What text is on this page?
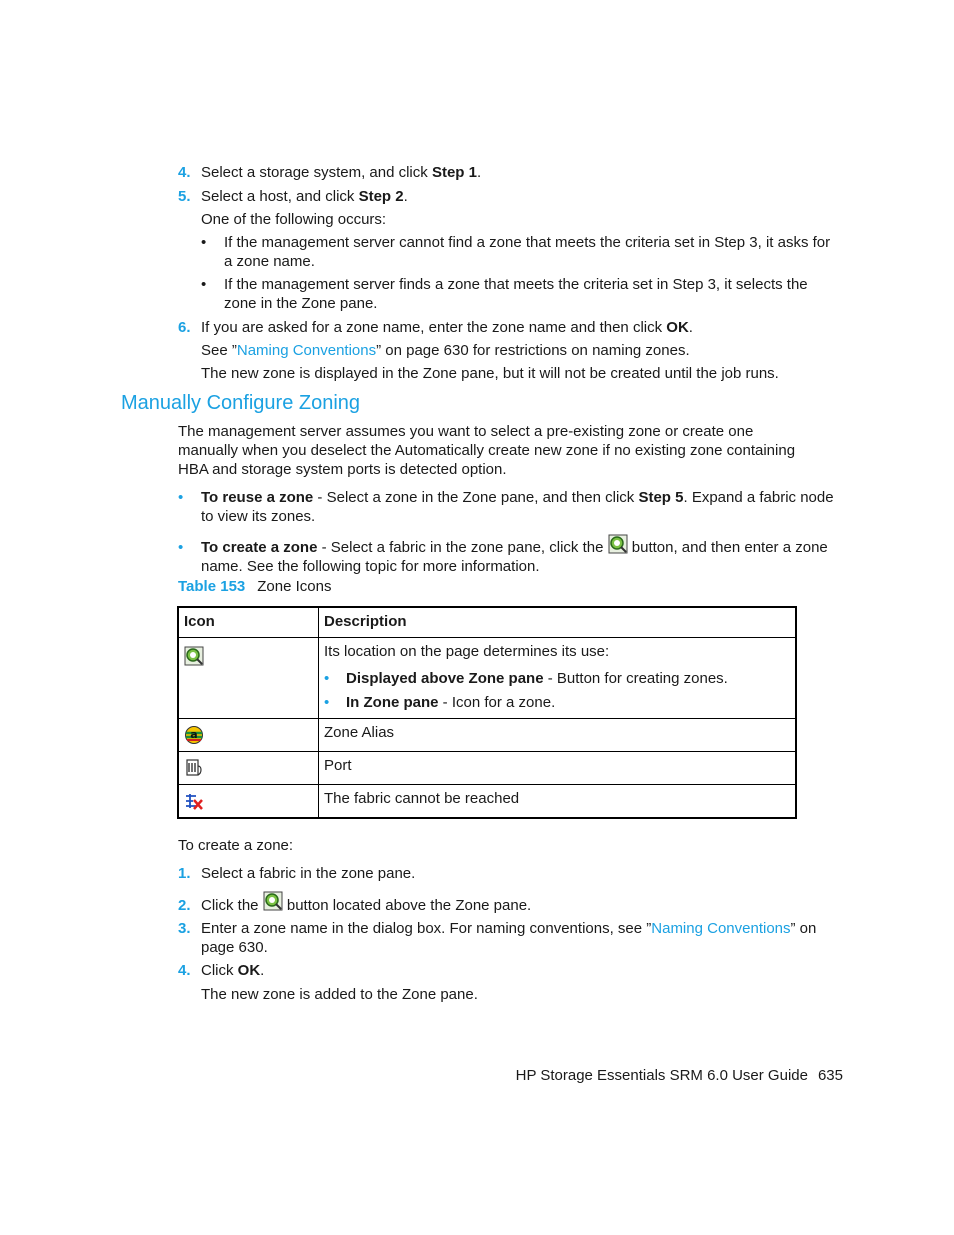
4. Select a storage system, and click Step 1.
5. Select a host, and click Step 2.
One of the following occurs:
• If the management server cannot find a zone that meets the criteria set in Step 3, it asks for a zone name.
• If the management server finds a zone that meets the criteria set in Step 3, it selects the zone in the Zone pane.
6. If you are asked for a zone name, enter the zone name and then click OK.
See ”Naming Conventions” on page 630 for restrictions on naming zones.
The new zone is displayed in the Zone pane, but it will not be created until the job runs.
Manually Configure Zoning
The management server assumes you want to select a pre-existing zone or create one manually when you deselect the Automatically create new zone if no existing zone containing HBA and storage system ports is detected option.
• To reuse a zone - Select a zone in the Zone pane, and then click Step 5. Expand a fabric node to view its zones.
• To create a zone - Select a fabric in the zone pane, click the  button, and then enter a zone name. See the following topic for more information.
Table 153 Zone Icons
Icon	Description
	Its location on the page determines its use:
• Displayed above Zone pane - Button for creating zones.
• In Zone pane - Icon for a zone.

a	Zone Alias
	Port
	The fabric cannot be reached
To create a zone:
1. Select a fabric in the zone pane.
2. Click the  button located above the Zone pane.
3. Enter a zone name in the dialog box. For naming conventions, see ”Naming Conventions” on page 630.
4. Click OK.
The new zone is added to the Zone pane.
HP Storage Essentials SRM 6.0 User Guide 635
